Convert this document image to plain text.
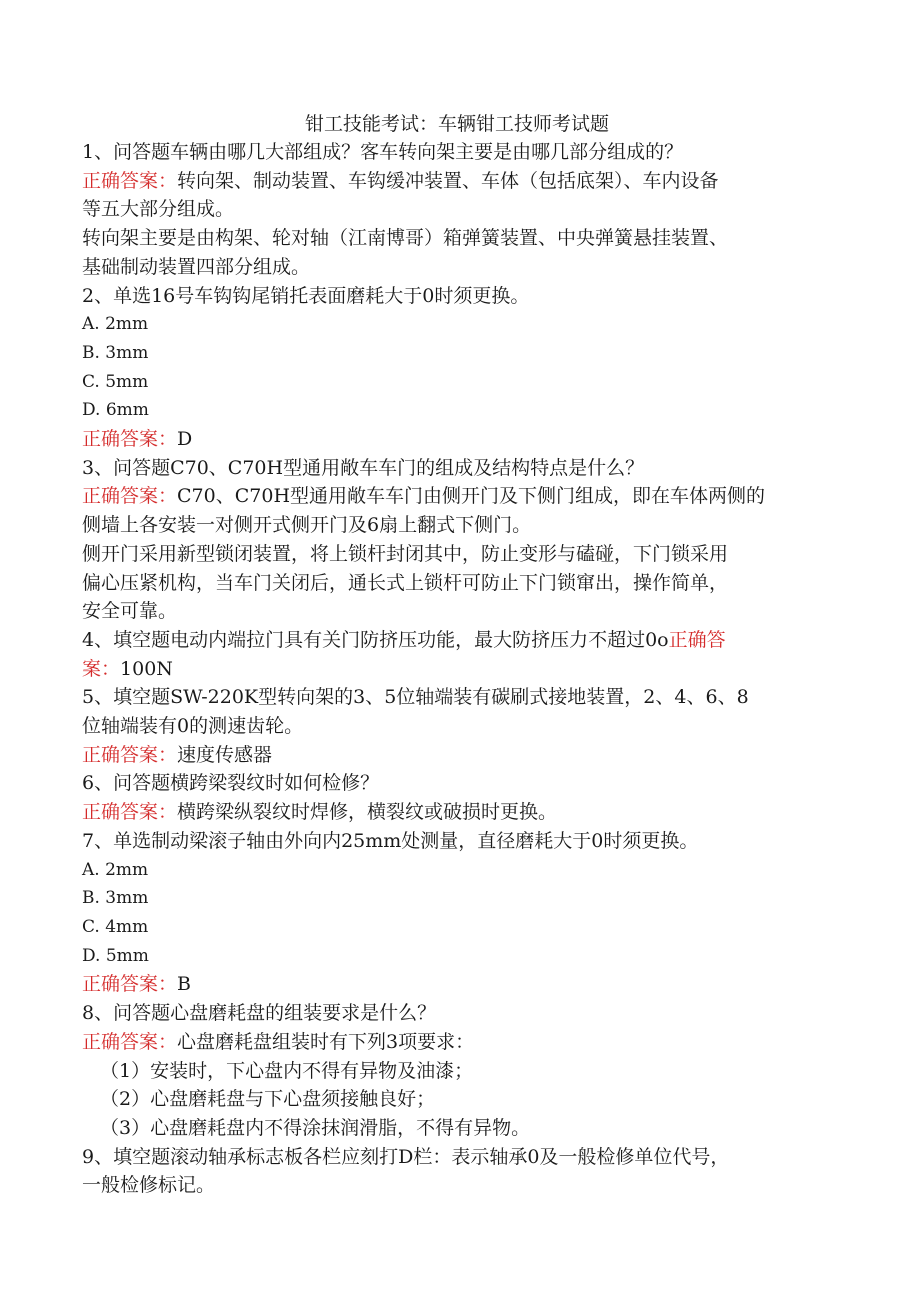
钳工技能考试：车辆钳工技师考试题

1、问答题车辆由哪几大部组成？客车转向架主要是由哪几部分组成的？

正确答案：转向架、制动装置、车钩缓冲装置、车体（包括底架）、车内设备

等五大部分组成。

转向架主要是由构架、轮对轴（江南博哥）箱弹簧装置、中央弹簧悬挂装置、

基础制动装置四部分组成。

2、单选16号车钩钩尾销托表面磨耗大于0时须更换。

A. 2mm

B. 3mm

C. 5mm

D. 6mm

正确答案：D

3、问答题C70、C70H型通用敞车车门的组成及结构特点是什么？

正确答案：C70、C70H型通用敞车车门由侧开门及下侧门组成，即在车体两侧的

侧墙上各安装一对侧开式侧开门及6扇上翻式下侧门。

侧开门采用新型锁闭装置，将上锁杆封闭其中，防止变形与磕碰，下门锁采用

偏心压紧机构，当车门关闭后，通长式上锁杆可防止下门锁窜出，操作简单，

安全可靠。

4、填空题电动内端拉门具有关门防挤压功能，最大防挤压力不超过0o正确答

案：100N

5、填空题SW-220K型转向架的3、5位轴端装有碳刷式接地装置，2、4、6、8

位轴端装有0的测速齿轮。

正确答案：速度传感器

6、问答题横跨梁裂纹时如何检修？

正确答案：横跨梁纵裂纹时焊修，横裂纹或破损时更换。

7、单选制动梁滚子轴由外向内25mm处测量，直径磨耗大于0时须更换。

A. 2mm

B. 3mm

C. 4mm

D. 5mm

正确答案：B

8、问答题心盘磨耗盘的组装要求是什么？

正确答案：心盘磨耗盘组装时有下列3项要求：

（1）安装时，下心盘内不得有异物及油漆；

（2）心盘磨耗盘与下心盘须接触良好；

（3）心盘磨耗盘内不得涂抹润滑脂，不得有异物。

9、填空题滚动轴承标志板各栏应刻打D栏：表示轴承0及一般检修单位代号，

一般检修标记。
